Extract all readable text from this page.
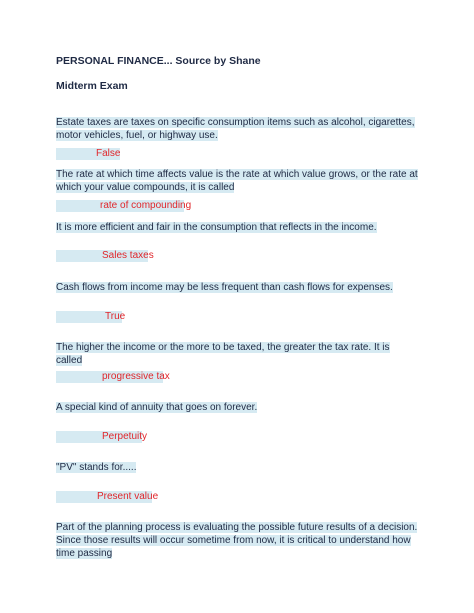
PERSONAL FINANCE... Source by Shane
Midterm Exam
Estate taxes are taxes on specific consumption items such as alcohol, cigarettes, motor vehicles, fuel, or highway use.
False
The rate at which time affects value is the rate at which value grows, or the rate at which your value compounds, it is called
rate of compounding
It is more efficient and fair in the consumption that reflects in the income.
Sales taxes
Cash flows from income may be less frequent than cash flows for expenses.
True
The higher the income or the more to be taxed, the greater the tax rate. It is called
progressive tax
A special kind of annuity that goes on forever.
Perpetuity
"PV" stands for.....
Present value
Part of the planning process is evaluating the possible future results of a decision. Since those results will occur sometime from now, it is critical to understand how time passing
